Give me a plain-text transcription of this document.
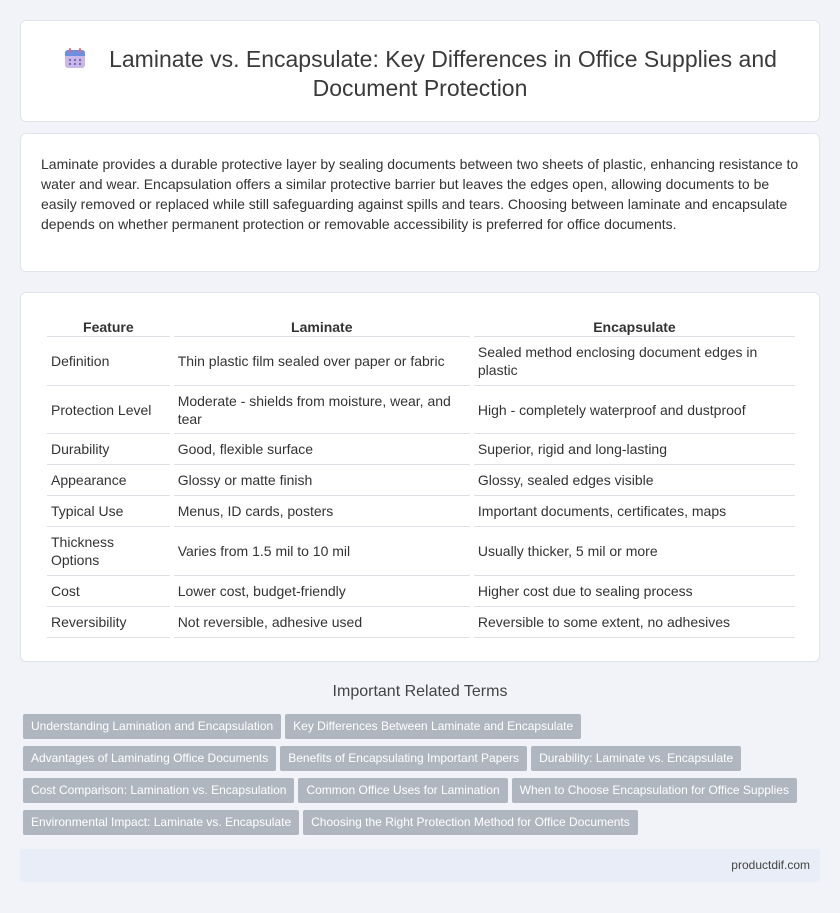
Laminate vs. Encapsulate: Key Differences in Office Supplies and Document Protection

Laminate provides a durable protective layer by sealing documents between two sheets of plastic, enhancing resistance to water and wear. Encapsulation offers a similar protective barrier but leaves the edges open, allowing documents to be easily removed or replaced while still safeguarding against spills and tears. Choosing between laminate and encapsulate depends on whether permanent protection or removable accessibility is preferred for office documents.

Feature	Laminate	Encapsulate
Definition	Thin plastic film sealed over paper or fabric	Sealed method enclosing document edges in plastic
Protection Level	Moderate - shields from moisture, wear, and tear	High - completely waterproof and dustproof
Durability	Good, flexible surface	Superior, rigid and long-lasting
Appearance	Glossy or matte finish	Glossy, sealed edges visible
Typical Use	Menus, ID cards, posters	Important documents, certificates, maps
Thickness Options	Varies from 1.5 mil to 10 mil	Usually thicker, 5 mil or more
Cost	Lower cost, budget-friendly	Higher cost due to sealing process
Reversibility	Not reversible, adhesive used	Reversible to some extent, no adhesives
Important Related Terms
Understanding Lamination and Encapsulation Key Differences Between Laminate and Encapsulate
Advantages of Laminating Office Documents Benefits of Encapsulating Important Papers Durability: Laminate vs. Encapsulate
Cost Comparison: Lamination vs. Encapsulation Common Office Uses for Lamination When to Choose Encapsulation for Office Supplies
Environmental Impact: Laminate vs. Encapsulate Choosing the Right Protection Method for Office Documents
productdif.com
